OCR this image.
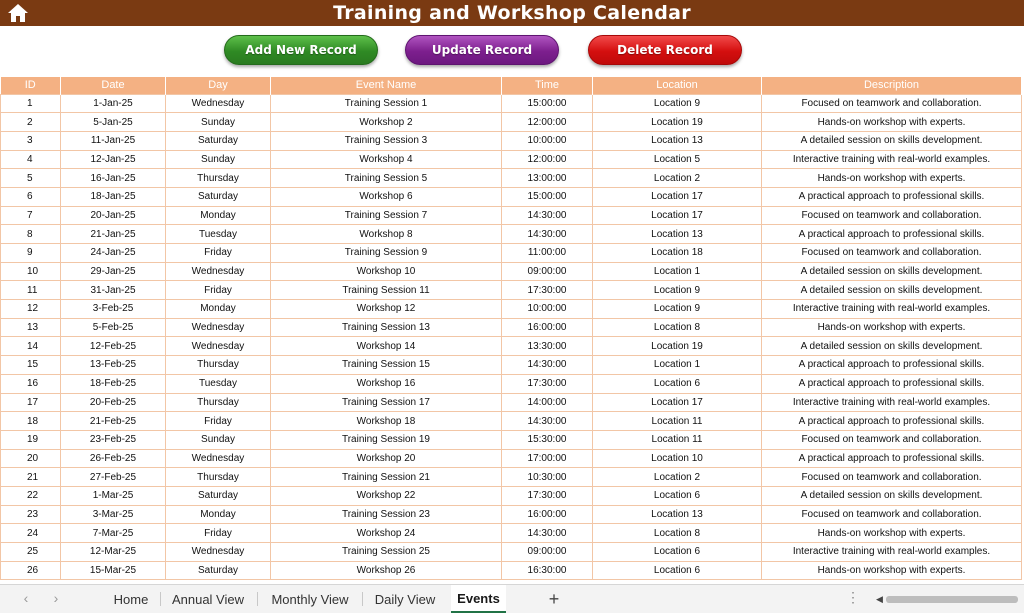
Training and Workshop Calendar
Add New Record	Update Record	Delete Record
ID	Date	Day	Event Name	Time	Location	Description
1	1-Jan-25	Wednesday	Training Session 1	15:00:00	Location 9	Focused on teamwork and collaboration.
2	5-Jan-25	Sunday	Workshop 2	12:00:00	Location 19	Hands-on workshop with experts.
3	11-Jan-25	Saturday	Training Session 3	10:00:00	Location 13	A detailed session on skills development.
4	12-Jan-25	Sunday	Workshop 4	12:00:00	Location 5	Interactive training with real-world examples.
5	16-Jan-25	Thursday	Training Session 5	13:00:00	Location 2	Hands-on workshop with experts.
6	18-Jan-25	Saturday	Workshop 6	15:00:00	Location 17	A practical approach to professional skills.
7	20-Jan-25	Monday	Training Session 7	14:30:00	Location 17	Focused on teamwork and collaboration.
8	21-Jan-25	Tuesday	Workshop 8	14:30:00	Location 13	A practical approach to professional skills.
9	24-Jan-25	Friday	Training Session 9	11:00:00	Location 18	Focused on teamwork and collaboration.
10	29-Jan-25	Wednesday	Workshop 10	09:00:00	Location 1	A detailed session on skills development.
11	31-Jan-25	Friday	Training Session 11	17:30:00	Location 9	A detailed session on skills development.
12	3-Feb-25	Monday	Workshop 12	10:00:00	Location 9	Interactive training with real-world examples.
13	5-Feb-25	Wednesday	Training Session 13	16:00:00	Location 8	Hands-on workshop with experts.
14	12-Feb-25	Wednesday	Workshop 14	13:30:00	Location 19	A detailed session on skills development.
15	13-Feb-25	Thursday	Training Session 15	14:30:00	Location 1	A practical approach to professional skills.
16	18-Feb-25	Tuesday	Workshop 16	17:30:00	Location 6	A practical approach to professional skills.
17	20-Feb-25	Thursday	Training Session 17	14:00:00	Location 17	Interactive training with real-world examples.
18	21-Feb-25	Friday	Workshop 18	14:30:00	Location 11	A practical approach to professional skills.
19	23-Feb-25	Sunday	Training Session 19	15:30:00	Location 11	Focused on teamwork and collaboration.
20	26-Feb-25	Wednesday	Workshop 20	17:00:00	Location 10	A practical approach to professional skills.
21	27-Feb-25	Thursday	Training Session 21	10:30:00	Location 2	Focused on teamwork and collaboration.
22	1-Mar-25	Saturday	Workshop 22	17:30:00	Location 6	A detailed session on skills development.
23	3-Mar-25	Monday	Training Session 23	16:00:00	Location 13	Focused on teamwork and collaboration.
24	7-Mar-25	Friday	Workshop 24	14:30:00	Location 8	Hands-on workshop with experts.
25	12-Mar-25	Wednesday	Training Session 25	09:00:00	Location 6	Interactive training with real-world examples.
26	15-Mar-25	Saturday	Workshop 26	16:30:00	Location 6	Hands-on workshop with experts.
‹	›	Home	Annual View	Monthly View	Daily View	Events	+	⋮ ◀
